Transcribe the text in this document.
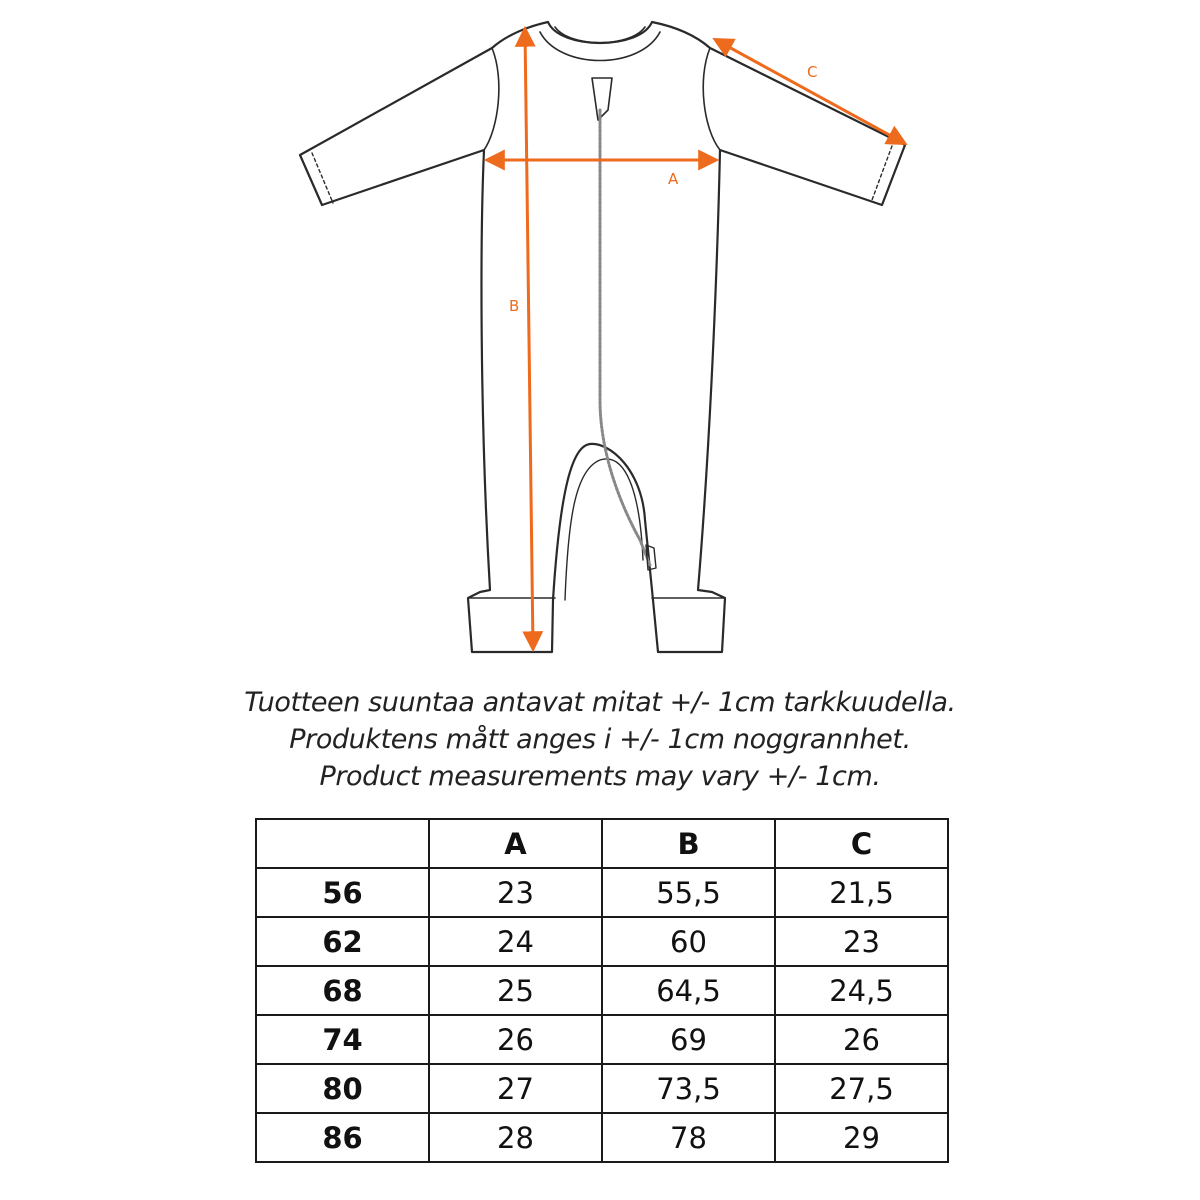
A
B
C
Tuotteen suuntaa antavat mitat +/- 1cm tarkkuudella.
Produktens mått anges i +/- 1cm noggrannhet.
Product measurements may vary +/- 1cm.
	A	B	C
56	23	55,5	21,5
62	24	60	23
68	25	64,5	24,5
74	26	69	26
80	27	73,5	27,5
86	28	78	29
